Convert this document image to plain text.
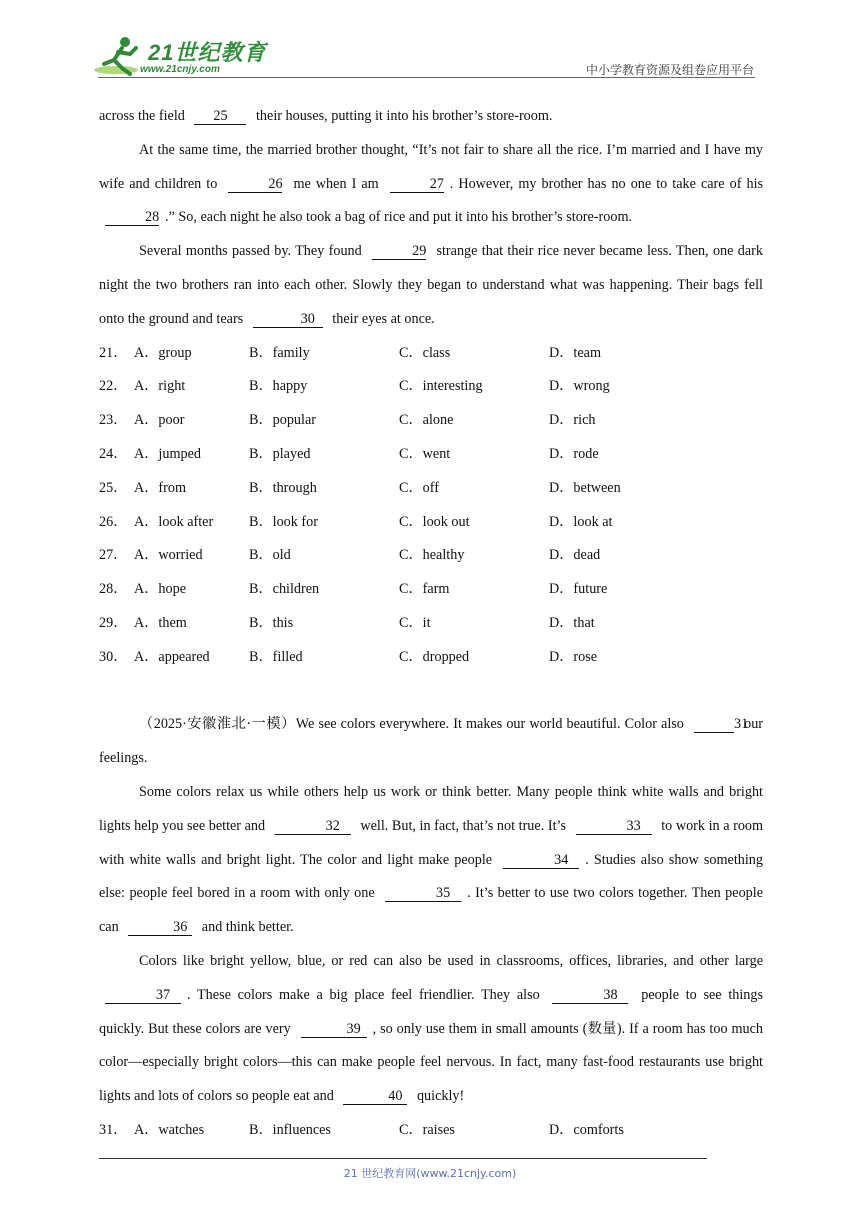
21世纪教育
www.21cnjy.com	中小学教育资源及组卷应用平台

across the field 25 their houses, putting it into his brother’s store-room.

At the same time, the married brother thought, “It’s not fair to share all the rice. I’m married and I have my wife and children to	26 me when I am	27 . However, my brother has no one to take care of his 28 .” So, each night he also took a bag of rice and put it into his brother’s store-room.

Several months passed by. They found	29 strange that their rice never became less. Then, one dark night the two brothers ran into each other. Slowly they began to understand what was happening. Their bags fell onto the ground and tears	30 their eyes at once.

21． A．group	B．family	C．class	D．team
22． A．right	B．happy	C．interesting	D．wrong
23． A．poor	B．popular	C．alone	D．rich
24． A．jumped	B．played	C．went	D．rode
25． A．from	B．through	C．off	D．between
26． A．look after	B．look for	C．look out	D．look at
27． A．worried	B．old	C．healthy	D．dead
28． A．hope	B．children	C．farm	D．future
29． A．them	B．this	C．it	D．that
30． A．appeared	B．filled	C．dropped	D．rose

（2025·安徽淮北·一模）We see colors everywhere. It makes our world beautiful. Color also	31 our feelings.

Some colors relax us while others help us work or think better. Many people think white walls and bright lights help you see better and	32 well. But, in fact, that’s not true. It’s	33 to work in a room with white walls and bright light. The color and light make people	34 . Studies also show something else: people feel bored in a room with only one	35 . It’s better to use two colors together. Then people can	36 and think better.

Colors like bright yellow, blue, or red can also be used in classrooms, offices, libraries, and other large 37 . These colors make a big place feel friendlier. They also	38 people to see things quickly. But these colors are very	39 , so only use them in small amounts (数量). If a room has too much color—especially bright colors—this can make people feel nervous. In fact, many fast-food restaurants use bright lights and lots of colors so people eat and	40 quickly!

31． A．watches	B．influences	C．raises	D．comforts
21 世纪教育网(www.21cnjy.com)
